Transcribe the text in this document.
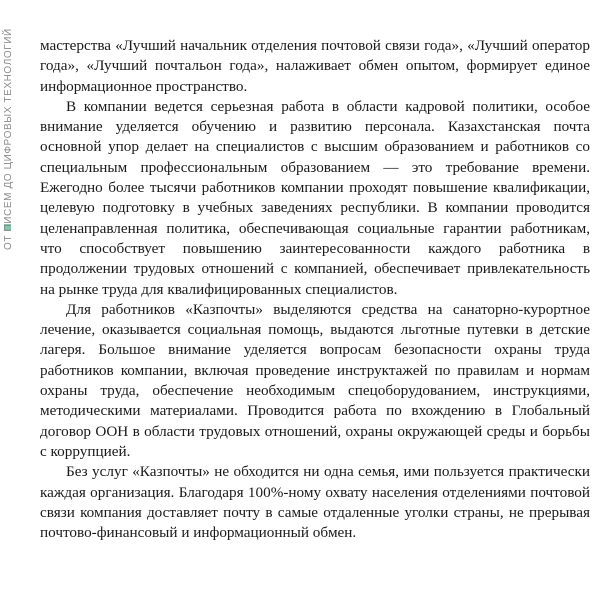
ОТ ПИСЕМ ДО ЦИФРОВЫХ ТЕХНОЛОГИЙ мастерства «Лучший начальник отделения почтовой связи года», «Лучший оператор года», «Лучший почтальон года», налаживает обмен опытом, формирует единое информационное пространство.

В компании ведется серьезная работа в области кадровой политики, особое внимание уделяется обучению и развитию персонала. Казахстанская почта основной упор делает на специалистов с высшим образованием и работников со специальным профессиональным образованием — это требование времени. Ежегодно более тысячи работников компании проходят повышение квалификации, целевую подготовку в учебных заведениях республики. В компании проводится целенаправленная политика, обеспечивающая социальные гарантии работникам, что способствует повышению заинтересованности каждого работника в продолжении трудовых отношений с компанией, обеспечивает привлекательность на рынке труда для квалифицированных специалистов.

Для работников «Казпочты» выделяются средства на санаторно-курортное лечение, оказывается социальная помощь, выдаются льготные путевки в детские лагеря. Большое внимание уделяется вопросам безопасности охраны труда работников компании, включая проведение инструктажей по правилам и нормам охраны труда, обеспечение необходимым спецоборудованием, инструкциями, методическими материалами. Проводится работа по вхождению в Глобальный договор ООН в области трудовых отношений, охраны окружающей среды и борьбы с коррупцией.

Без услуг «Казпочты» не обходится ни одна семья, ими пользуется практически каждая организация. Благодаря 100%-ному охвату населения отделениями почтовой связи компания доставляет почту в самые отдаленные уголки страны, не прерывая почтово-финансовый и информационный обмен.
